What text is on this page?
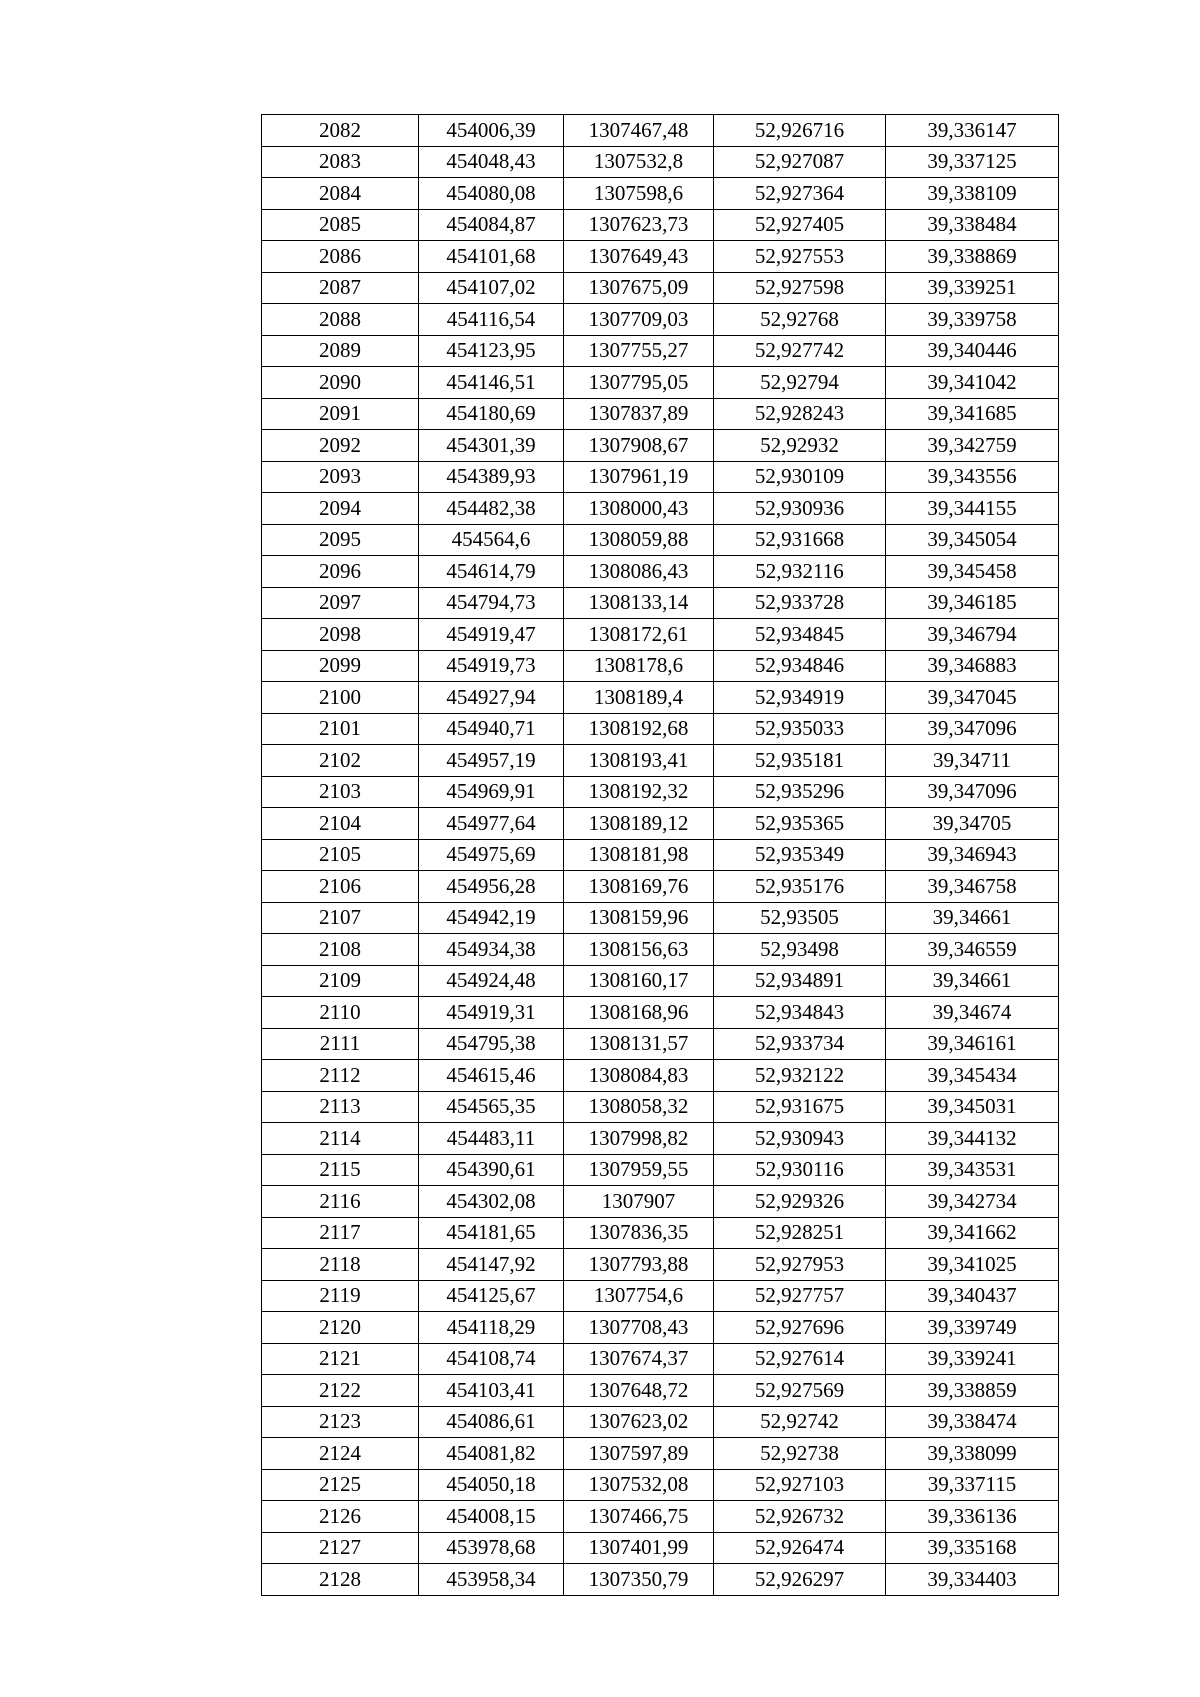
2082	454006,39	1307467,48	52,926716	39,336147
2083	454048,43	1307532,8	52,927087	39,337125
2084	454080,08	1307598,6	52,927364	39,338109
2085	454084,87	1307623,73	52,927405	39,338484
2086	454101,68	1307649,43	52,927553	39,338869
2087	454107,02	1307675,09	52,927598	39,339251
2088	454116,54	1307709,03	52,92768	39,339758
2089	454123,95	1307755,27	52,927742	39,340446
2090	454146,51	1307795,05	52,92794	39,341042
2091	454180,69	1307837,89	52,928243	39,341685
2092	454301,39	1307908,67	52,92932	39,342759
2093	454389,93	1307961,19	52,930109	39,343556
2094	454482,38	1308000,43	52,930936	39,344155
2095	454564,6	1308059,88	52,931668	39,345054
2096	454614,79	1308086,43	52,932116	39,345458
2097	454794,73	1308133,14	52,933728	39,346185
2098	454919,47	1308172,61	52,934845	39,346794
2099	454919,73	1308178,6	52,934846	39,346883
2100	454927,94	1308189,4	52,934919	39,347045
2101	454940,71	1308192,68	52,935033	39,347096
2102	454957,19	1308193,41	52,935181	39,34711
2103	454969,91	1308192,32	52,935296	39,347096
2104	454977,64	1308189,12	52,935365	39,34705
2105	454975,69	1308181,98	52,935349	39,346943
2106	454956,28	1308169,76	52,935176	39,346758
2107	454942,19	1308159,96	52,93505	39,34661
2108	454934,38	1308156,63	52,93498	39,346559
2109	454924,48	1308160,17	52,934891	39,34661
2110	454919,31	1308168,96	52,934843	39,34674
2111	454795,38	1308131,57	52,933734	39,346161
2112	454615,46	1308084,83	52,932122	39,345434
2113	454565,35	1308058,32	52,931675	39,345031
2114	454483,11	1307998,82	52,930943	39,344132
2115	454390,61	1307959,55	52,930116	39,343531
2116	454302,08	1307907	52,929326	39,342734
2117	454181,65	1307836,35	52,928251	39,341662
2118	454147,92	1307793,88	52,927953	39,341025
2119	454125,67	1307754,6	52,927757	39,340437
2120	454118,29	1307708,43	52,927696	39,339749
2121	454108,74	1307674,37	52,927614	39,339241
2122	454103,41	1307648,72	52,927569	39,338859
2123	454086,61	1307623,02	52,92742	39,338474
2124	454081,82	1307597,89	52,92738	39,338099
2125	454050,18	1307532,08	52,927103	39,337115
2126	454008,15	1307466,75	52,926732	39,336136
2127	453978,68	1307401,99	52,926474	39,335168
2128	453958,34	1307350,79	52,926297	39,334403
